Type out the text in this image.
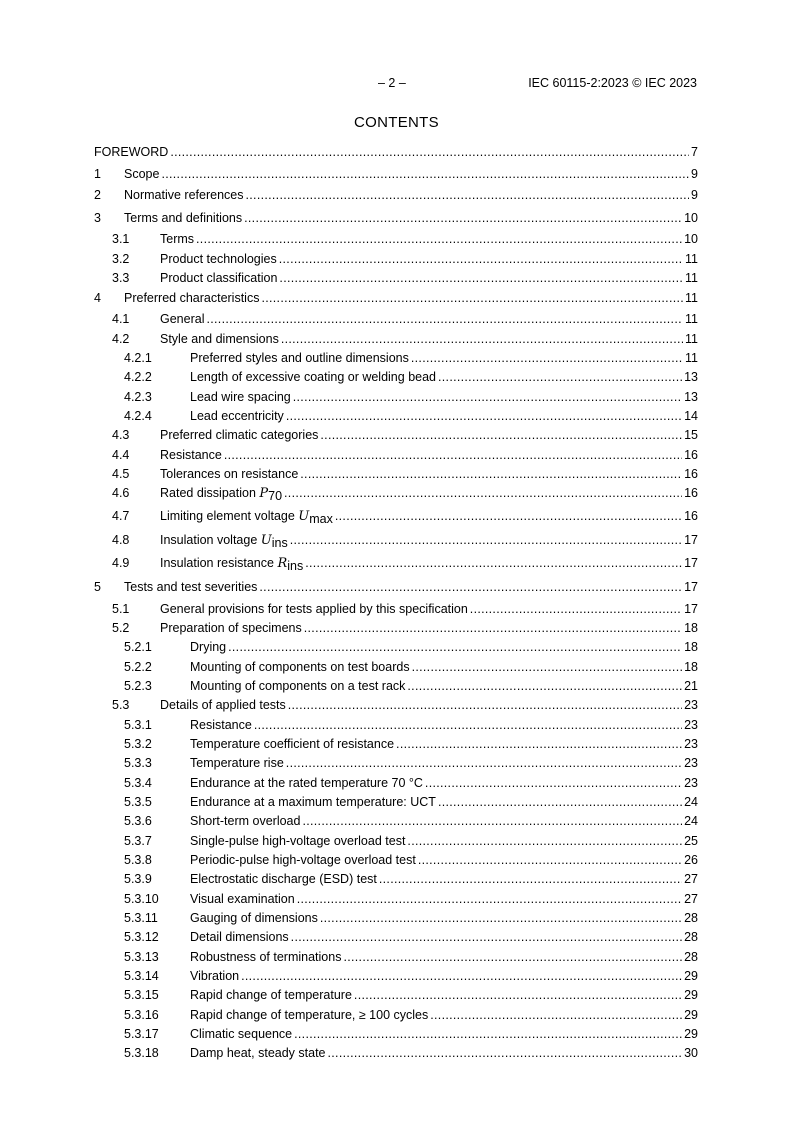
– 2 –	IEC 60115-2:2023 © IEC 2023
CONTENTS
FOREWORD .....	7
1 Scope .....	9
2 Normative references .....	9
3 Terms and definitions .....	10
3.1 Terms .....	10
3.2 Product technologies .....	11
3.3 Product classification .....	11
4 Preferred characteristics .....	11
4.1 General .....	11
4.2 Style and dimensions .....	11
4.2.1	Preferred styles and outline dimensions .....	11
4.2.2	Length of excessive coating or welding bead .....	13
4.2.3	Lead wire spacing .....	13
4.2.4	Lead eccentricity .....	14
4.3 Preferred climatic categories .....	15
4.4 Resistance .....	16
4.5 Tolerances on resistance .....	16
4.6 Rated dissipation P70 .....	16
4.7 Limiting element voltage Umax .....	16
4.8 Insulation voltage Uins .....	17
4.9 Insulation resistance Rins .....	17
5 Tests and test severities .....	17
5.1 General provisions for tests applied by this specification .....	17
5.2 Preparation of specimens .....	18
5.2.1	Drying .....	18
5.2.2	Mounting of components on test boards .....	18
5.2.3	Mounting of components on a test rack .....	21
5.3 Details of applied tests .....	23
5.3.1	Resistance .....	23
5.3.2	Temperature coefficient of resistance .....	23
5.3.3	Temperature rise .....	23
5.3.4	Endurance at the rated temperature 70 °C .....	23
5.3.5	Endurance at a maximum temperature: UCT .....	24
5.3.6	Short-term overload .....	24
5.3.7	Single-pulse high-voltage overload test .....	25
5.3.8	Periodic-pulse high-voltage overload test .....	26
5.3.9	Electrostatic discharge (ESD) test .....	27
5.3.10 Visual examination .....	27
5.3.11	Gauging of dimensions .....	28
5.3.12 Detail dimensions .....	28
5.3.13 Robustness of terminations .....	28
5.3.14 Vibration .....	29
5.3.15 Rapid change of temperature .....	29
5.3.16 Rapid change of temperature, ≥ 100 cycles .....	29
5.3.17 Climatic sequence .....	29
5.3.18 Damp heat, steady state .....	30
